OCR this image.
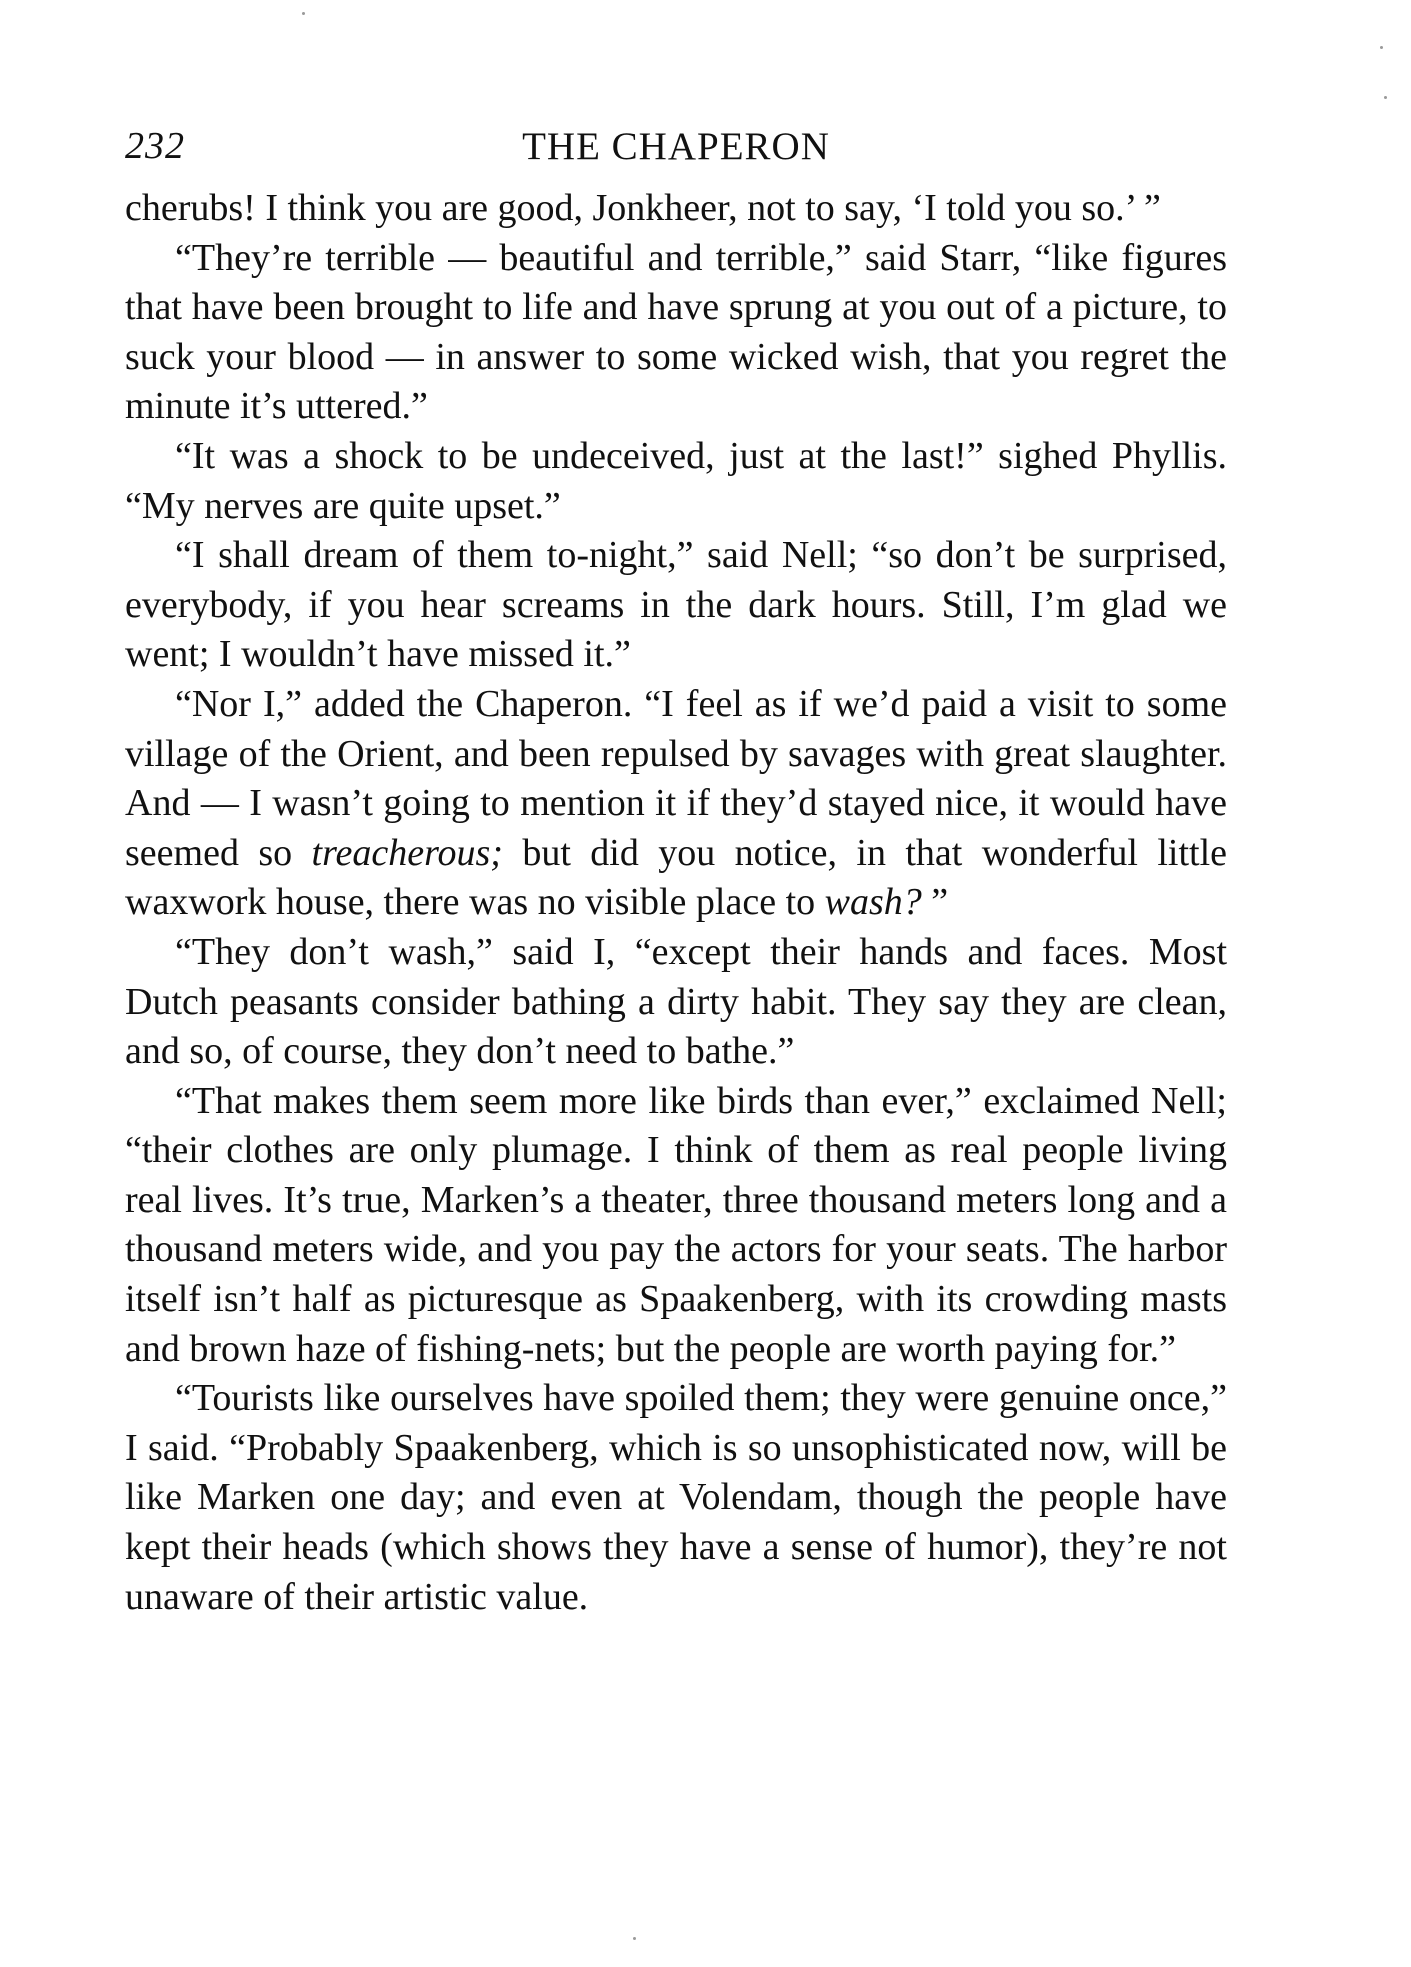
232	THE CHAPERON

cherubs! I think you are good, Jonkheer, not to say, ‘I told you so.’ ”

“They’re terrible — beautiful and terrible,” said Starr, “like figures that have been brought to life and have sprung at you out of a picture, to suck your blood — in answer to some wicked wish, that you regret the minute it’s uttered.”

“It was a shock to be undeceived, just at the last!” sighed Phyllis. “My nerves are quite upset.”

“I shall dream of them to-night,” said Nell; “so don’t be surprised, everybody, if you hear screams in the dark hours. Still, I’m glad we went; I wouldn’t have missed it.”

“Nor I,” added the Chaperon. “I feel as if we’d paid a visit to some village of the Orient, and been repulsed by savages with great slaughter. And — I wasn’t going to mention it if they’d stayed nice, it would have seemed so treacherous; but did you notice, in that wonderful little waxwork house, there was no visible place to wash? ”

“They don’t wash,” said I, “except their hands and faces. Most Dutch peasants consider bathing a dirty habit. They say they are clean, and so, of course, they don’t need to bathe.”

“That makes them seem more like birds than ever,” exclaimed Nell; “their clothes are only plumage. I think of them as real people living real lives. It’s true, Marken’s a theater, three thousand meters long and a thousand meters wide, and you pay the actors for your seats. The harbor itself isn’t half as picturesque as Spaakenberg, with its crowding masts and brown haze of fishing-nets; but the people are worth paying for.”

“Tourists like ourselves have spoiled them; they were genuine once,” I said. “Probably Spaakenberg, which is so unsophisticated now, will be like Marken one day; and even at Volendam, though the people have kept their heads (which shows they have a sense of humor), they’re not unaware of their artistic value.
